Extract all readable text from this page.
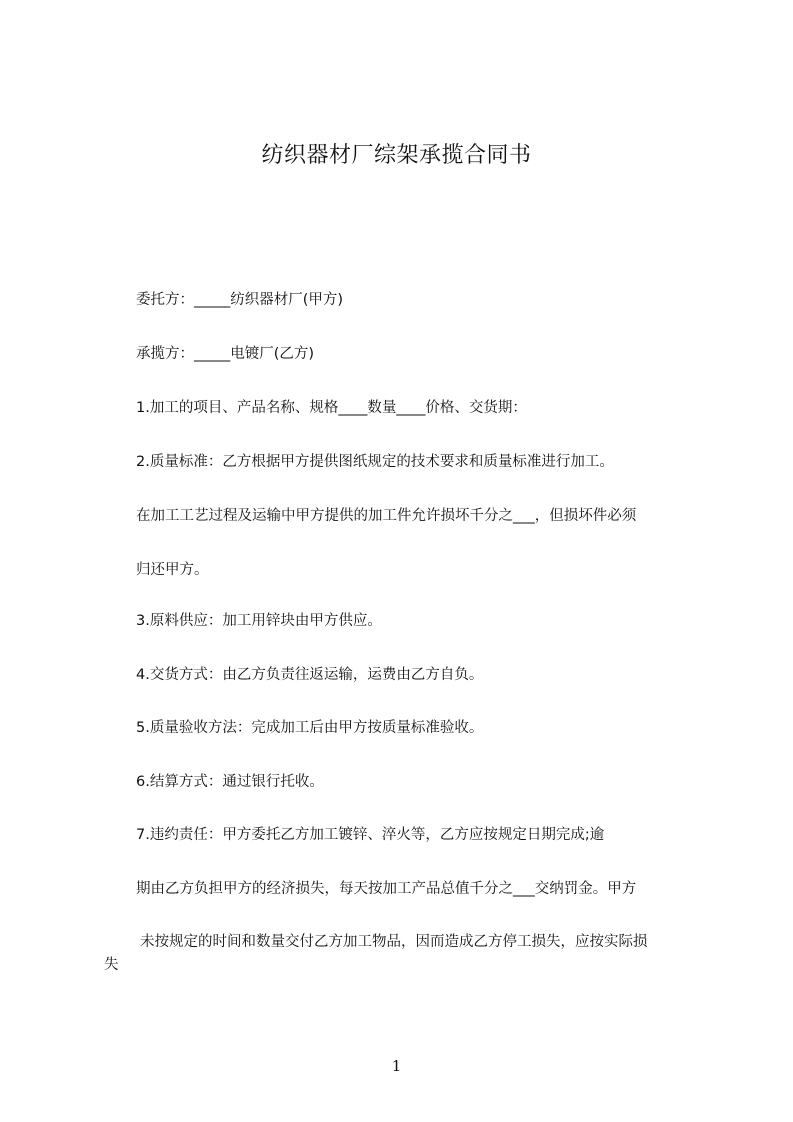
纺织器材厂综架承揽合同书
委托方：_____纺织器材厂(甲方)
承揽方：_____电镀厂(乙方)
1.加工的项目、产品名称、规格____数量____价格、交货期：
2.质量标准：乙方根据甲方提供图纸规定的技术要求和质量标准进行加工。
在加工工艺过程及运输中甲方提供的加工件允许损坏千分之___，但损坏件必须
归还甲方。
3.原料供应：加工用锌块由甲方供应。
4.交货方式：由乙方负责往返运输，运费由乙方自负。
5.质量验收方法：完成加工后由甲方按质量标准验收。
6.结算方式：通过银行托收。
7.违约责任：甲方委托乙方加工镀锌、淬火等，乙方应按规定日期完成;逾
期由乙方负担甲方的经济损失，每天按加工产品总值千分之___交纳罚金。甲方
未按规定的时间和数量交付乙方加工物品，因而造成乙方停工损失，应按实际损
失
1
